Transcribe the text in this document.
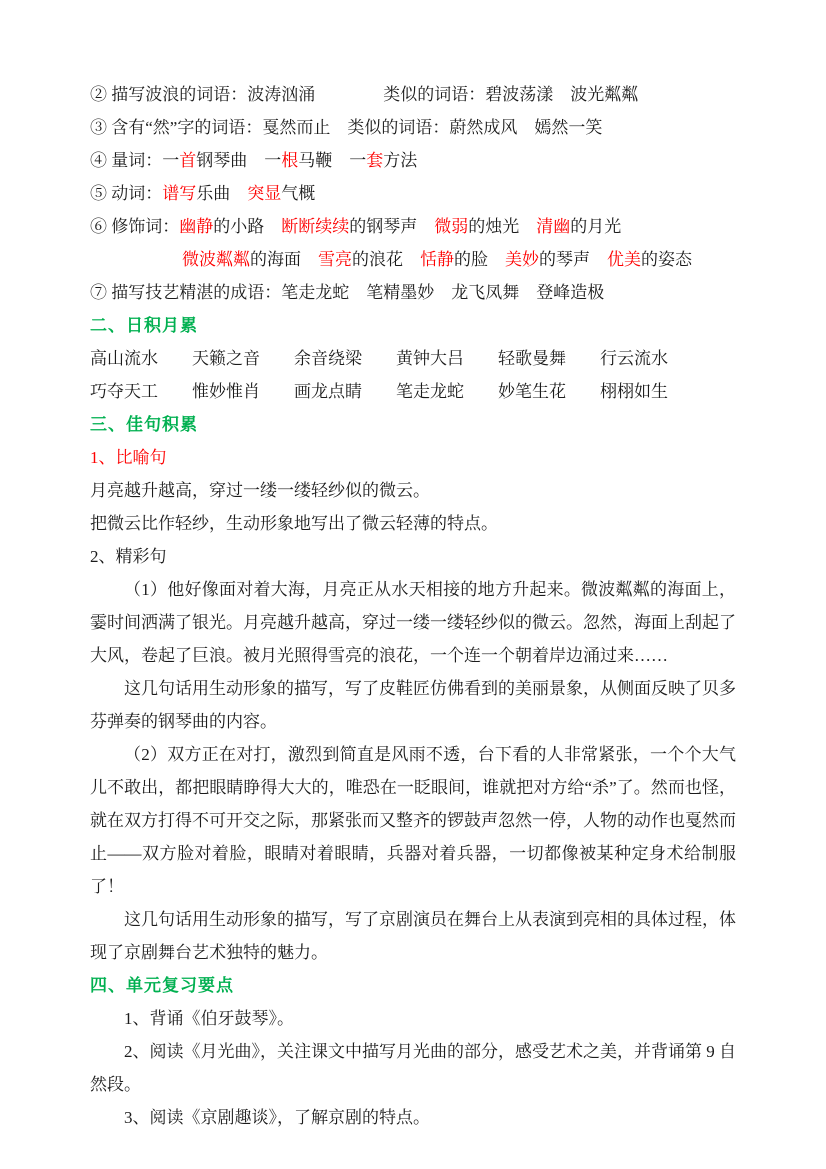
② 描写波浪的词语：波涛汹涌　　　　类似的词语：碧波荡漾　波光粼粼
③ 含有“然”字的词语：戛然而止　类似的词语：蔚然成风　嫣然一笑
④ 量词：一首钢琴曲　一根马鞭　一套方法
⑤ 动词：谱写乐曲　突显气概
⑥ 修饰词：幽静的小路　断断续续的钢琴声　微弱的烛光　清幽的月光
微波粼粼的海面　雪亮的浪花　恬静的脸　美妙的琴声　优美的姿态
⑦ 描写技艺精湛的成语：笔走龙蛇　笔精墨妙　龙飞凤舞　登峰造极
二、日积月累
高山流水　　天籁之音　　余音绕梁　　黄钟大吕　　轻歌曼舞　　行云流水
巧夺天工　　惟妙惟肖　　画龙点睛　　笔走龙蛇　　妙笔生花　　栩栩如生
三、佳句积累
1、比喻句
月亮越升越高，穿过一缕一缕轻纱似的微云。
把微云比作轻纱，生动形象地写出了微云轻薄的特点。
2、精彩句
（1）他好像面对着大海，月亮正从水天相接的地方升起来。微波粼粼的海面上，霎时间洒满了银光。月亮越升越高，穿过一缕一缕轻纱似的微云。忽然，海面上刮起了大风，卷起了巨浪。被月光照得雪亮的浪花，一个连一个朝着岸边涌过来……
这几句话用生动形象的描写，写了皮鞋匠仿佛看到的美丽景象，从侧面反映了贝多芬弹奏的钢琴曲的内容。
（2）双方正在对打，激烈到简直是风雨不透，台下看的人非常紧张，一个个大气儿不敢出，都把眼睛睁得大大的，唯恐在一眨眼间，谁就把对方给“杀”了。然而也怪，就在双方打得不可开交之际，那紧张而又整齐的锣鼓声忽然一停，人物的动作也戛然而止——双方脸对着脸，眼睛对着眼睛，兵器对着兵器，一切都像被某种定身术给制服了！
这几句话用生动形象的描写，写了京剧演员在舞台上从表演到亮相的具体过程，体现了京剧舞台艺术独特的魅力。
四、单元复习要点
1、背诵《伯牙鼓琴》。
2、阅读《月光曲》，关注课文中描写月光曲的部分，感受艺术之美，并背诵第 9 自然段。
3、阅读《京剧趣谈》，了解京剧的特点。
